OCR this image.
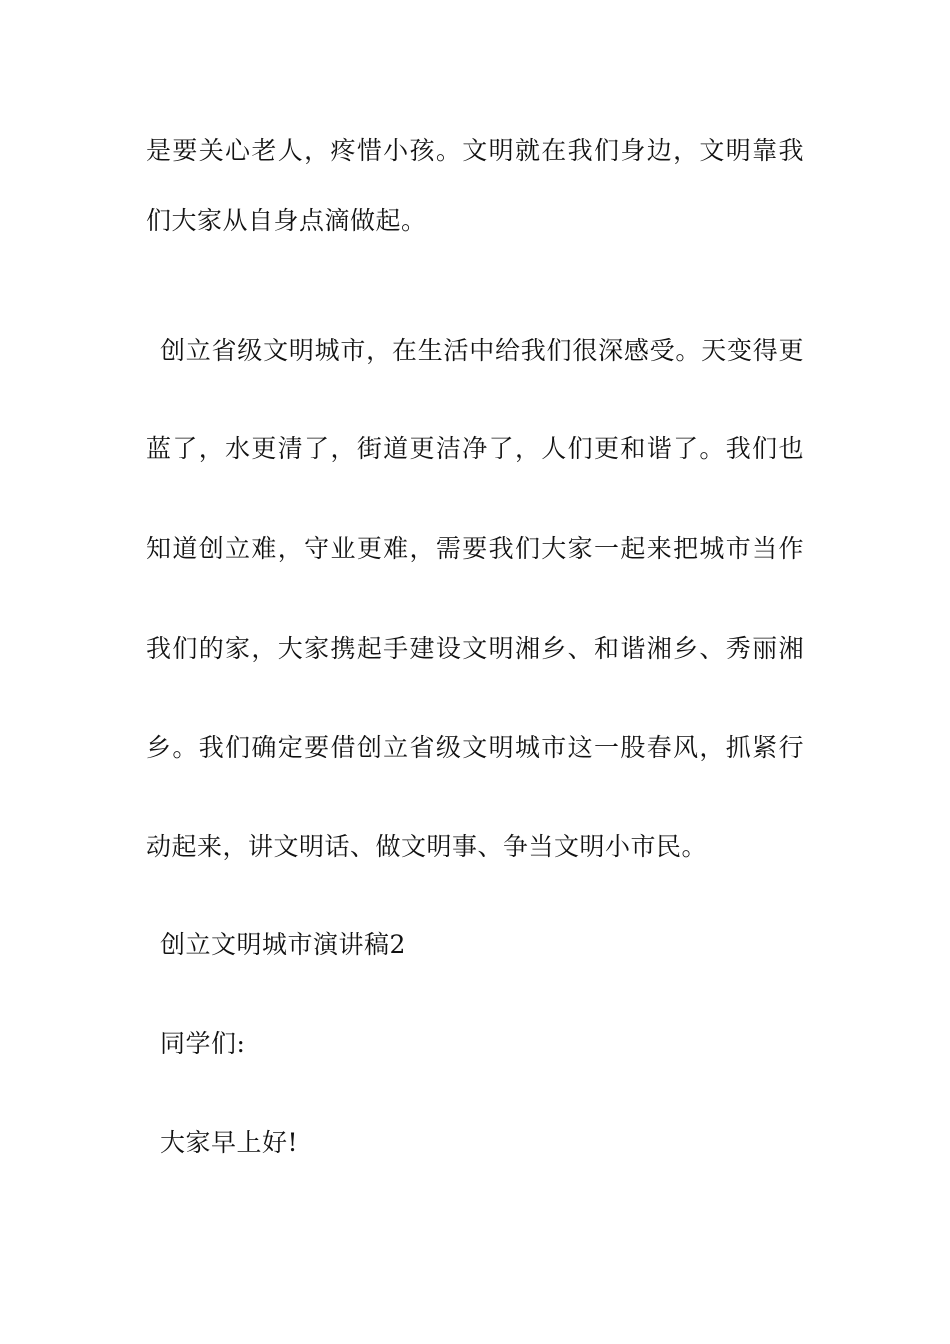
是要关心老人，疼惜小孩。文明就在我们身边，文明靠我
们大家从自身点滴做起。
创立省级文明城市，在生活中给我们很深感受。天变得更
蓝了，水更清了，街道更洁净了，人们更和谐了。我们也
知道创立难，守业更难，需要我们大家一起来把城市当作
我们的家，大家携起手建设文明湘乡、和谐湘乡、秀丽湘
乡。我们确定要借创立省级文明城市这一股春风，抓紧行
动起来，讲文明话、做文明事、争当文明小市民。
创立文明城市演讲稿2
同学们:
大家早上好!
